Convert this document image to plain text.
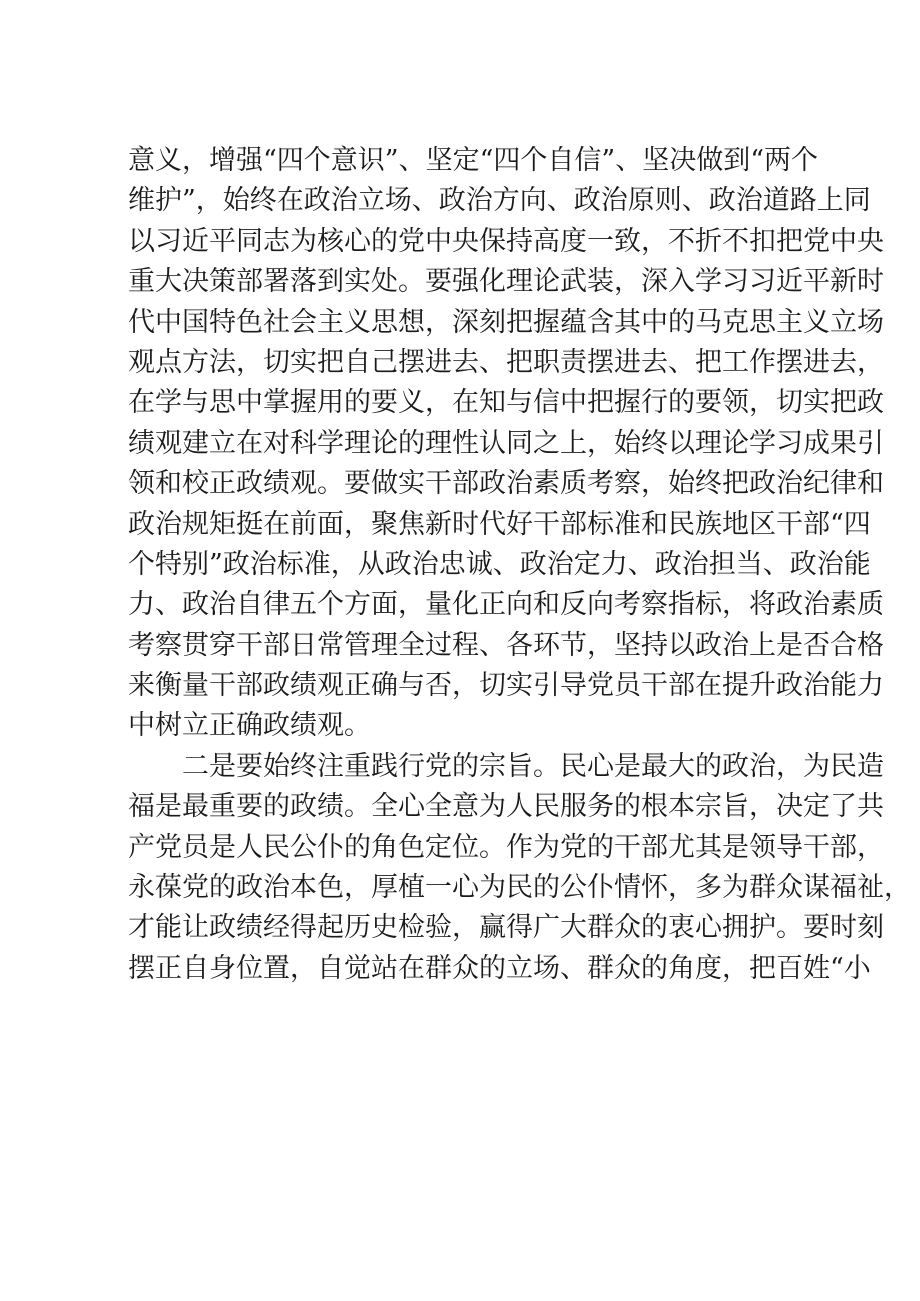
意义，增强“四个意识”、坚定“四个自信”、坚决做到“两个
维护”，始终在政治立场、政治方向、政治原则、政治道路上同
以习近平同志为核心的党中央保持高度一致，不折不扣把党中央
重大决策部署落到实处。要强化理论武装，深入学习习近平新时
代中国特色社会主义思想，深刻把握蕴含其中的马克思主义立场
观点方法，切实把自己摆进去、把职责摆进去、把工作摆进去，
在学与思中掌握用的要义，在知与信中把握行的要领，切实把政
绩观建立在对科学理论的理性认同之上，始终以理论学习成果引
领和校正政绩观。要做实干部政治素质考察，始终把政治纪律和
政治规矩挺在前面，聚焦新时代好干部标准和民族地区干部“四
个特别”政治标准，从政治忠诚、政治定力、政治担当、政治能
力、政治自律五个方面，量化正向和反向考察指标，将政治素质
考察贯穿干部日常管理全过程、各环节，坚持以政治上是否合格
来衡量干部政绩观正确与否，切实引导党员干部在提升政治能力
中树立正确政绩观。
二是要始终注重践行党的宗旨。民心是最大的政治，为民造
福是最重要的政绩。全心全意为人民服务的根本宗旨，决定了共
产党员是人民公仆的角色定位。作为党的干部尤其是领导干部，
永葆党的政治本色，厚植一心为民的公仆情怀，多为群众谋福祉，
才能让政绩经得起历史检验，赢得广大群众的衷心拥护。要时刻
摆正自身位置，自觉站在群众的立场、群众的角度，把百姓“小
